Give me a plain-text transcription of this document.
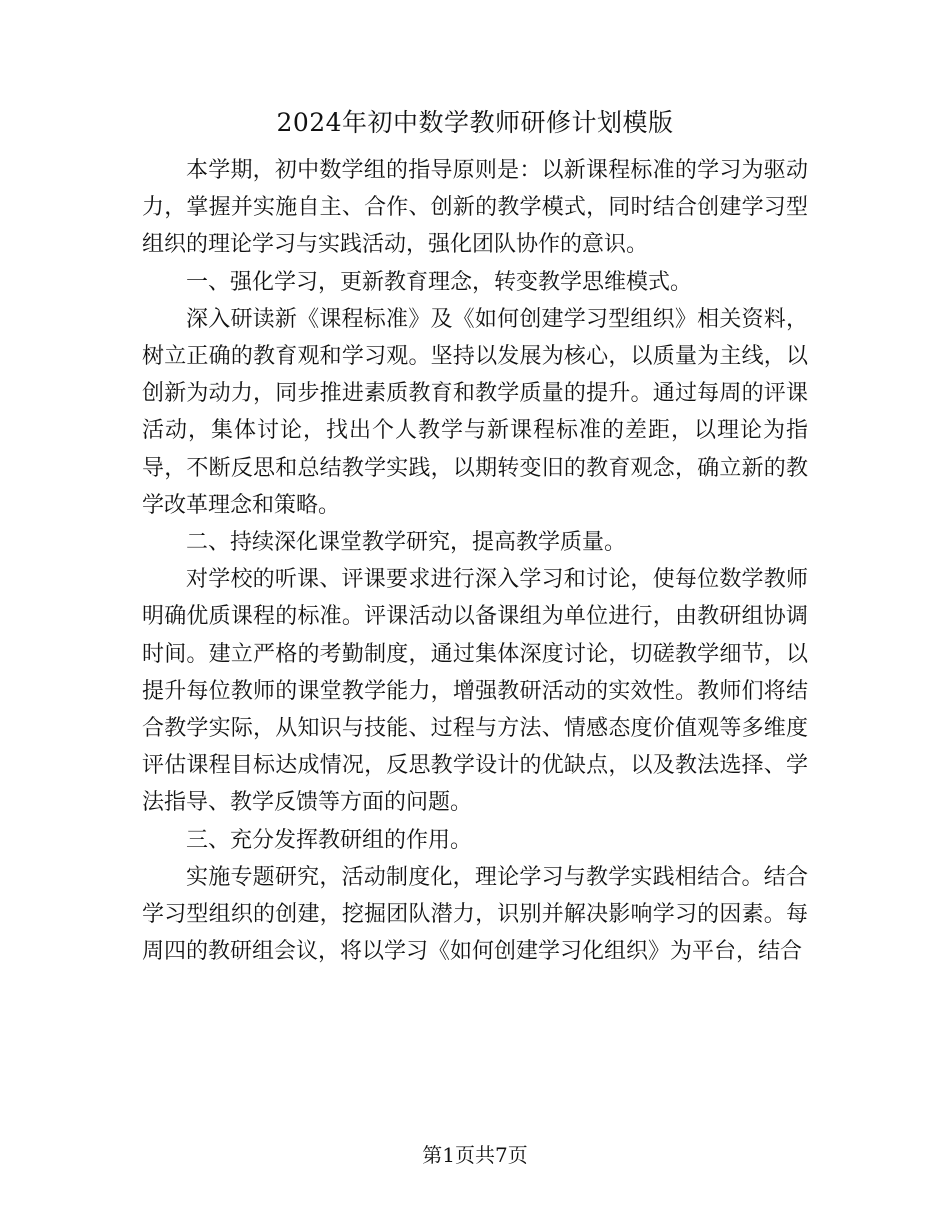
2024年初中数学教师研修计划模版

本学期，初中数学组的指导原则是：以新课程标准的学习为驱动力，掌握并实施自主、合作、创新的教学模式，同时结合创建学习型组织的理论学习与实践活动，强化团队协作的意识。

一、强化学习，更新教育理念，转变教学思维模式。

深入研读新《课程标准》及《如何创建学习型组织》相关资料，树立正确的教育观和学习观。坚持以发展为核心，以质量为主线，以创新为动力，同步推进素质教育和教学质量的提升。通过每周的评课活动，集体讨论，找出个人教学与新课程标准的差距，以理论为指导，不断反思和总结教学实践，以期转变旧的教育观念，确立新的教学改革理念和策略。

二、持续深化课堂教学研究，提高教学质量。

对学校的听课、评课要求进行深入学习和讨论，使每位数学教师明确优质课程的标准。评课活动以备课组为单位进行，由教研组协调时间。建立严格的考勤制度，通过集体深度讨论，切磋教学细节，以提升每位教师的课堂教学能力，增强教研活动的实效性。教师们将结合教学实际，从知识与技能、过程与方法、情感态度价值观等多维度评估课程目标达成情况，反思教学设计的优缺点，以及教法选择、学法指导、教学反馈等方面的问题。

三、充分发挥教研组的作用。

实施专题研究，活动制度化，理论学习与教学实践相结合。结合学习型组织的创建，挖掘团队潜力，识别并解决影响学习的因素。每周四的教研组会议，将以学习《如何创建学习化组织》为平台，结合

第1页共7页
